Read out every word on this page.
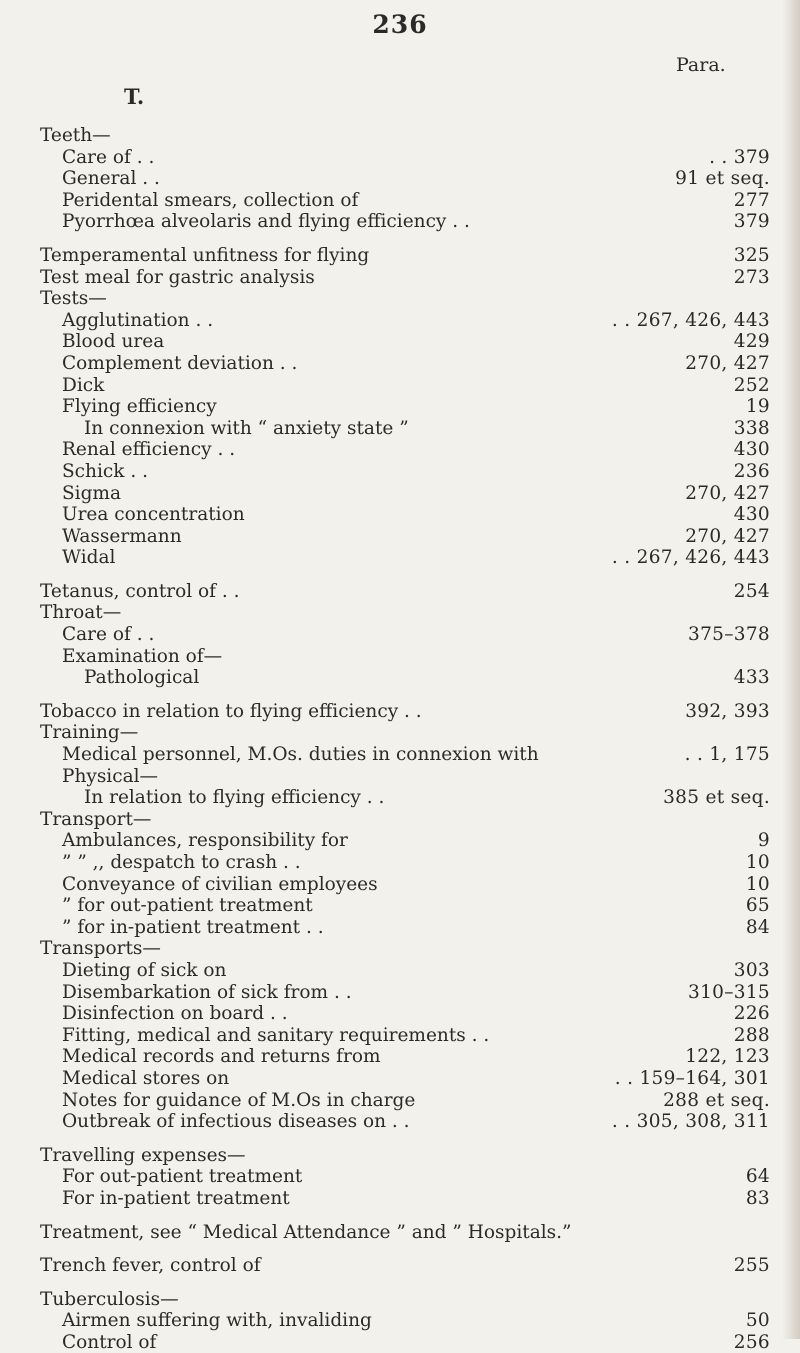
236
Para.
T.
Teeth—
Care of . .	. . 379
General . .	91 et seq.
Peridental smears, collection of	277
Pyorrhœa alveolaris and flying efficiency . .	379
Temperamental unfitness for flying	325
Test meal for gastric analysis	273
Tests—
Agglutination . .	. . 267, 426, 443
Blood urea	429
Complement deviation . .	270, 427
Dick	252
Flying efficiency	19
In connexion with “ anxiety state ”	338
Renal efficiency . .	430
Schick . .	236
Sigma	270, 427
Urea concentration	430
Wassermann	270, 427
Widal	. . 267, 426, 443
Tetanus, control of . .	254
Throat—
Care of . .	375–378
Examination of—
Pathological	433
Tobacco in relation to flying efficiency . .	392, 393
Training—
Medical personnel, M.Os. duties in connexion with	. . 1, 175
Physical—
In relation to flying efficiency . .	385 et seq.
Transport—
Ambulances, responsibility for	9
” ” ,, despatch to crash . .	10
Conveyance of civilian employees	10
” for out-patient treatment	65
” for in-patient treatment . .	84
Transports—
Dieting of sick on	303
Disembarkation of sick from . .	310–315
Disinfection on board . .	226
Fitting, medical and sanitary requirements . .	288
Medical records and returns from	122, 123
Medical stores on	. . 159–164, 301
Notes for guidance of M.Os in charge	288 et seq.
Outbreak of infectious diseases on . .	. . 305, 308, 311
Travelling expenses—
For out-patient treatment	64
For in-patient treatment	83
Treatment, see “ Medical Attendance ” and ” Hospitals.”
Trench fever, control of	255
Tuberculosis—
Airmen suffering with, invaliding	50
Control of	256
